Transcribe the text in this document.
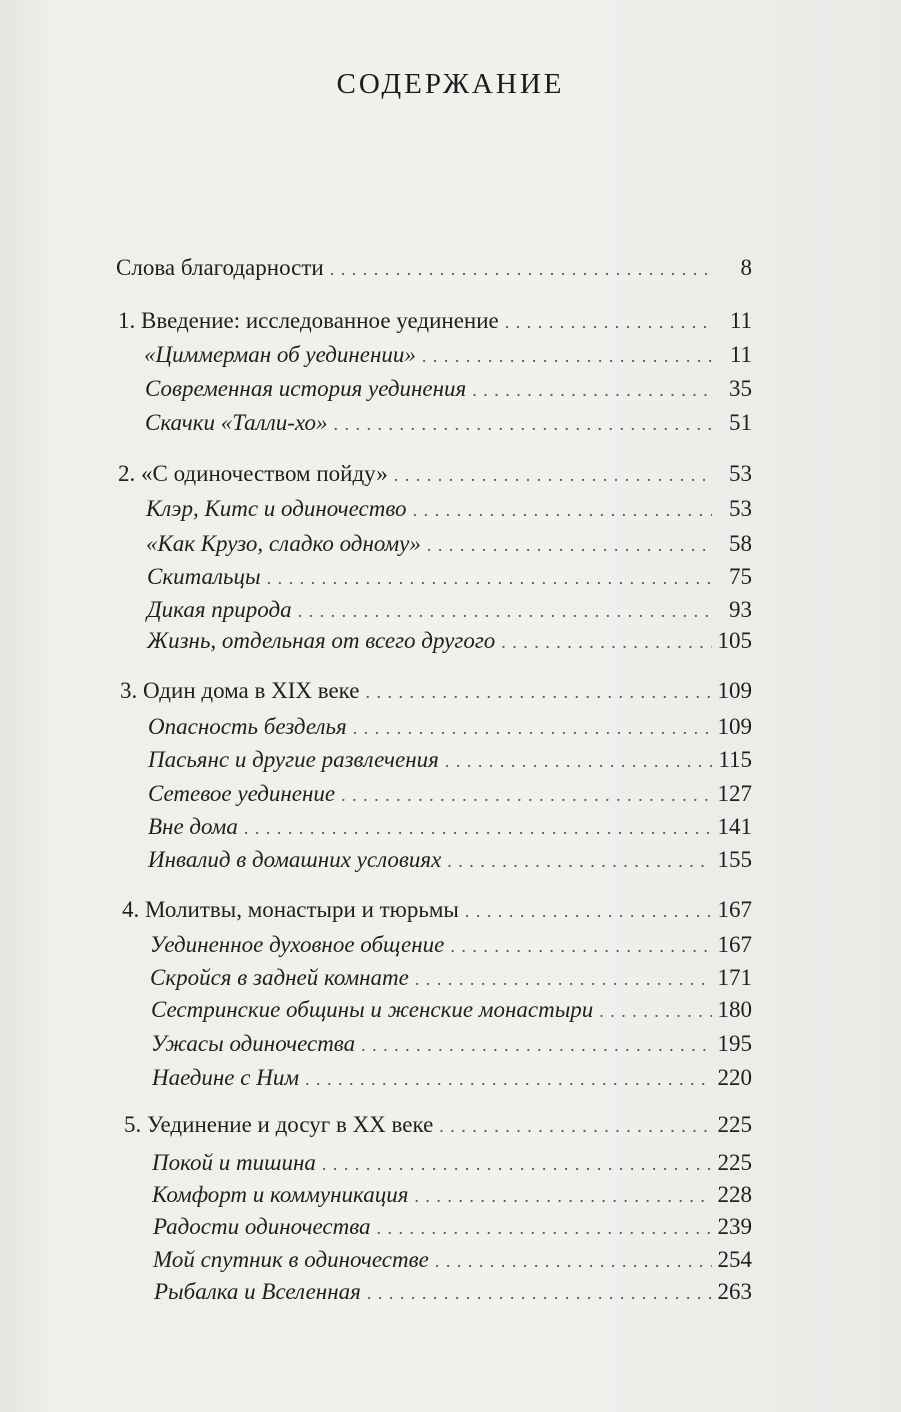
СОДЕРЖАНИЕ
Слова благодарности . . .	8
1. Введение: исследованное уединение . . .	11
«Циммерман об уединении» . . .	11
Современная история уединения . . .	35
Скачки «Талли-хо» . . .	51
2. «С одиночеством пойду» . . .	53
Клэр, Китс и одиночество . . .	53
«Как Крузо, сладко одному» . . .	58
Скитальцы . . .	75
Дикая природа . . .	93
Жизнь, отдельная от всего другого . . .	105
3. Один дома в XIX веке . . .	109
Опасность безделья . . .	109
Пасьянс и другие развлечения . . .	115
Сетевое уединение . . .	127
Вне дома . . .	141
Инвалид в домашних условиях . . .	155
4. Молитвы, монастыри и тюрьмы . . .	167
Уединенное духовное общение . . .	167
Скройся в задней комнате . . .	171
Сестринские общины и женские монастыри . . .	180
Ужасы одиночества . . .	195
Наедине с Ним . . .	220
5. Уединение и досуг в XX веке . . .	225
Покой и тишина . . .	225
Комфорт и коммуникация . . .	228
Радости одиночества . . .	239
Мой спутник в одиночестве . . .	254
Рыбалка и Вселенная . . .	263
